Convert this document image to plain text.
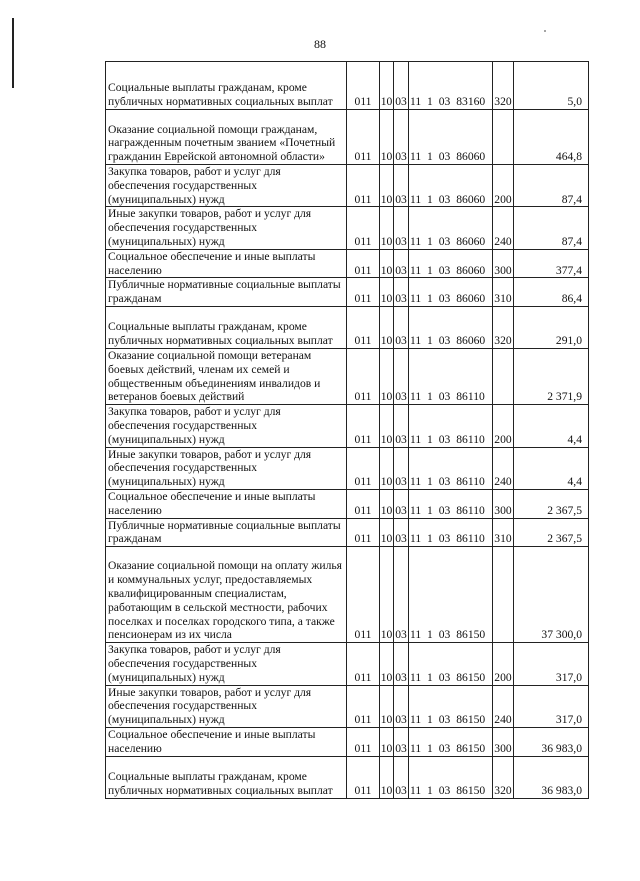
88
Социальные выплаты гражданам, кроме публичных нормативных социальных выплат	011	10	03	11 1 03 83160	320	5,0
Оказание социальной помощи гражданам, награжденным почетным званием «Почетный гражданин Еврейской автономной области»	011	10	03	11 1 03 86060		464,8
Закупка товаров, работ и услуг для обеспечения государственных (муниципальных) нужд	011	10	03	11 1 03 86060	200	87,4
Иные закупки товаров, работ и услуг для обеспечения государственных (муниципальных) нужд	011	10	03	11 1 03 86060	240	87,4
Социальное обеспечение и иные выплаты населению	011	10	03	11 1 03 86060	300	377,4
Публичные нормативные социальные выплаты гражданам	011	10	03	11 1 03 86060	310	86,4
Социальные выплаты гражданам, кроме публичных нормативных социальных выплат	011	10	03	11 1 03 86060	320	291,0
Оказание социальной помощи ветеранам боевых действий, членам их семей и общественным объединениям инвалидов и ветеранов боевых действий	011	10	03	11 1 03 86110		2 371,9
Закупка товаров, работ и услуг для обеспечения государственных (муниципальных) нужд	011	10	03	11 1 03 86110	200	4,4
Иные закупки товаров, работ и услуг для обеспечения государственных (муниципальных) нужд	011	10	03	11 1 03 86110	240	4,4
Социальное обеспечение и иные выплаты населению	011	10	03	11 1 03 86110	300	2 367,5
Публичные нормативные социальные выплаты гражданам	011	10	03	11 1 03 86110	310	2 367,5
Оказание социальной помощи на оплату жилья и коммунальных услуг, предоставляемых квалифицированным специалистам, работающим в сельской местности, рабочих поселках и поселках городского типа, а также пенсионерам из их числа	011	10	03	11 1 03 86150		37 300,0
Закупка товаров, работ и услуг для обеспечения государственных (муниципальных) нужд	011	10	03	11 1 03 86150	200	317,0
Иные закупки товаров, работ и услуг для обеспечения государственных (муниципальных) нужд	011	10	03	11 1 03 86150	240	317,0
Социальное обеспечение и иные выплаты населению	011	10	03	11 1 03 86150	300	36 983,0
Социальные выплаты гражданам, кроме публичных нормативных социальных выплат	011	10	03	11 1 03 86150	320	36 983,0
